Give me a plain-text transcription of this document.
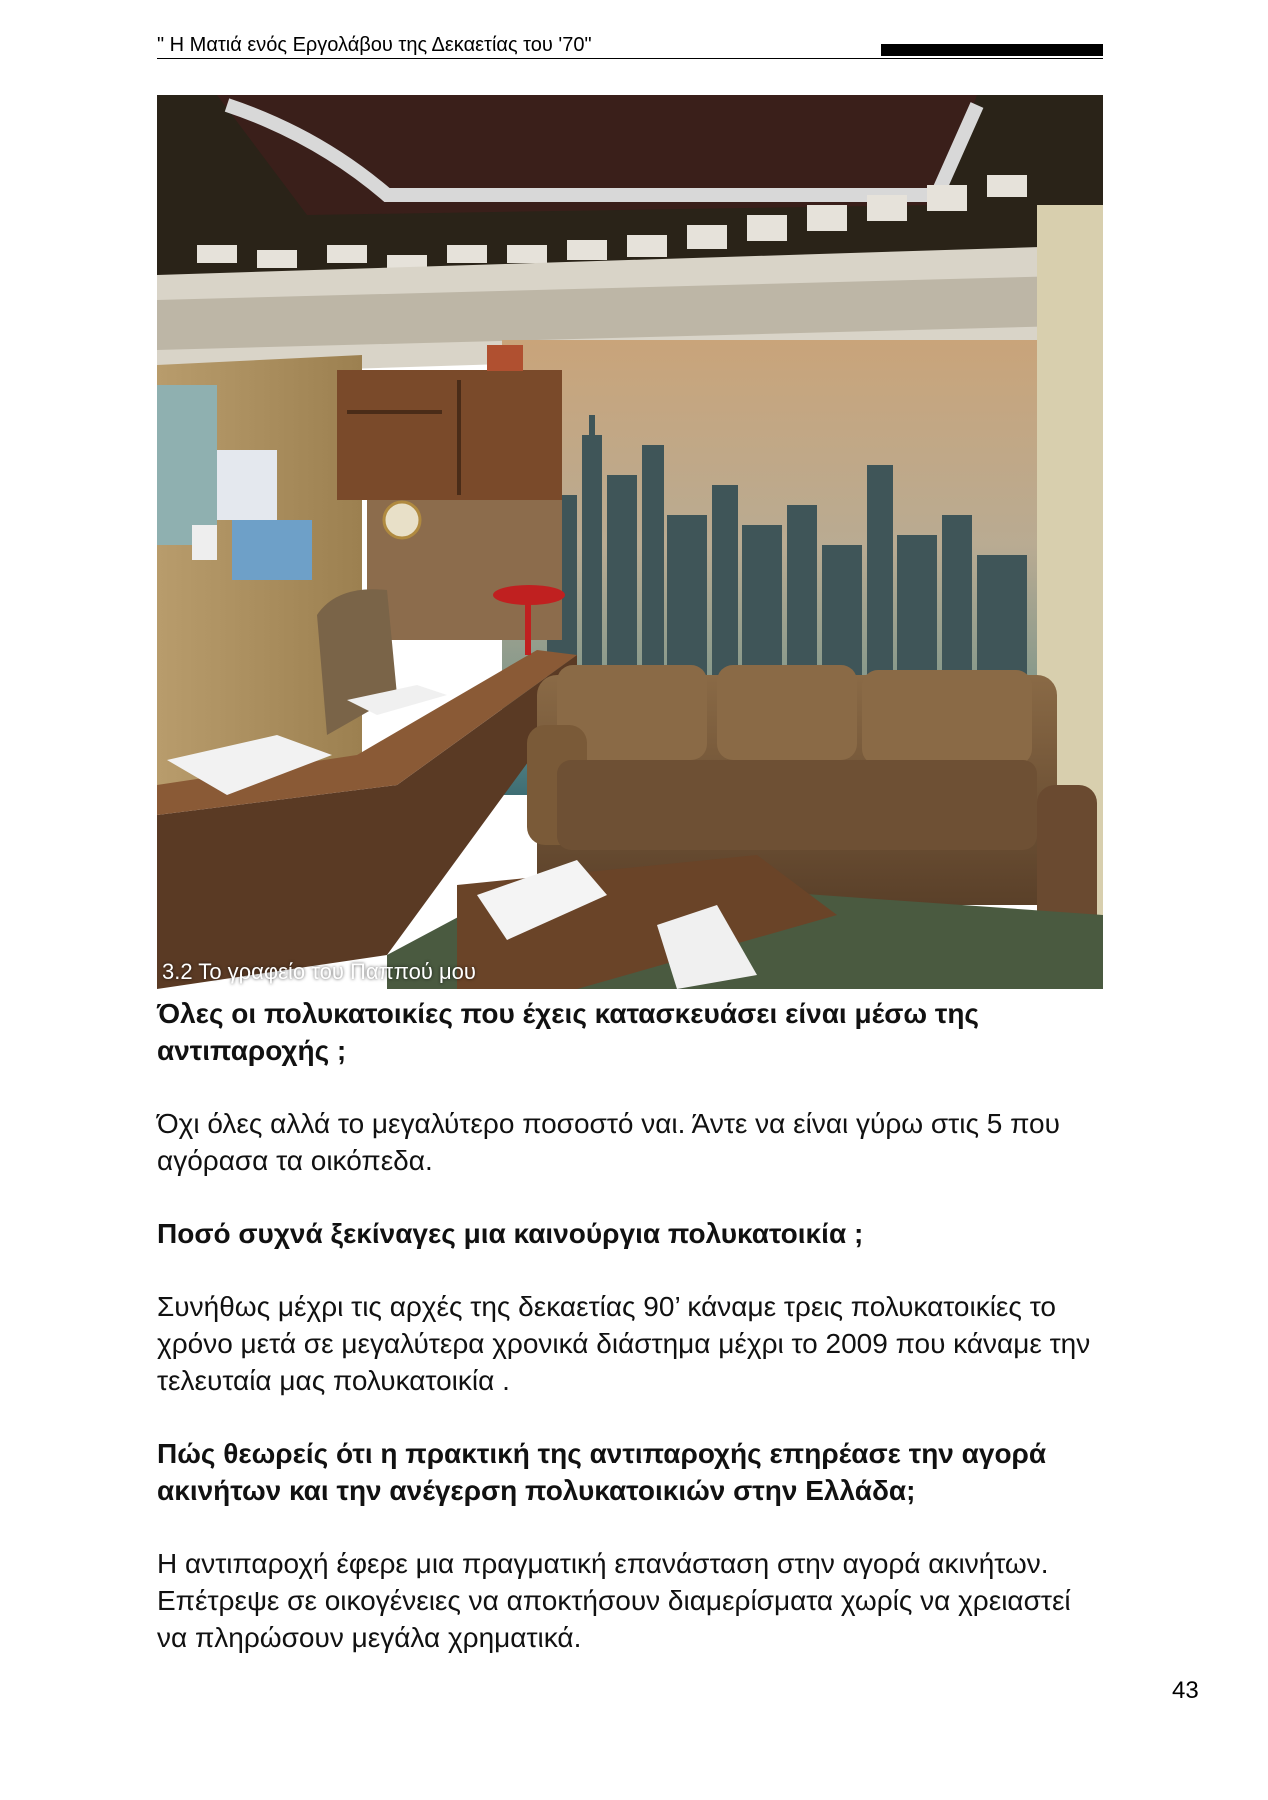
" Η Ματιά ενός Εργολάβου της Δεκαετίας του '70"
3.2 Το γραφείο του Παππού μου

Όλες οι πολυκατοικίες που έχεις κατασκευάσει είναι μέσω της αντιπαροχής ;

Όχι όλες αλλά το μεγαλύτερο ποσοστό ναι. Άντε να είναι γύρω στις 5 που αγόρασα τα οικόπεδα.

Ποσό συχνά ξεκίναγες μια καινούργια πολυκατοικία ;

Συνήθως μέχρι τις αρχές της δεκαετίας 90’ κάναμε τρεις πολυκατοικίες το χρόνο μετά σε μεγαλύτερα χρονικά διάστημα μέχρι το 2009 που κάναμε την τελευταία μας πολυκατοικία .

Πώς θεωρείς ότι η πρακτική της αντιπαροχής επηρέασε την αγορά ακινήτων και την ανέγερση πολυκατοικιών στην Ελλάδα;

Η αντιπαροχή έφερε μια πραγματική επανάσταση στην αγορά ακινήτων. Επέτρεψε σε οικογένειες να αποκτήσουν διαμερίσματα χωρίς να χρειαστεί να πληρώσουν μεγάλα χρηματικά.

43
